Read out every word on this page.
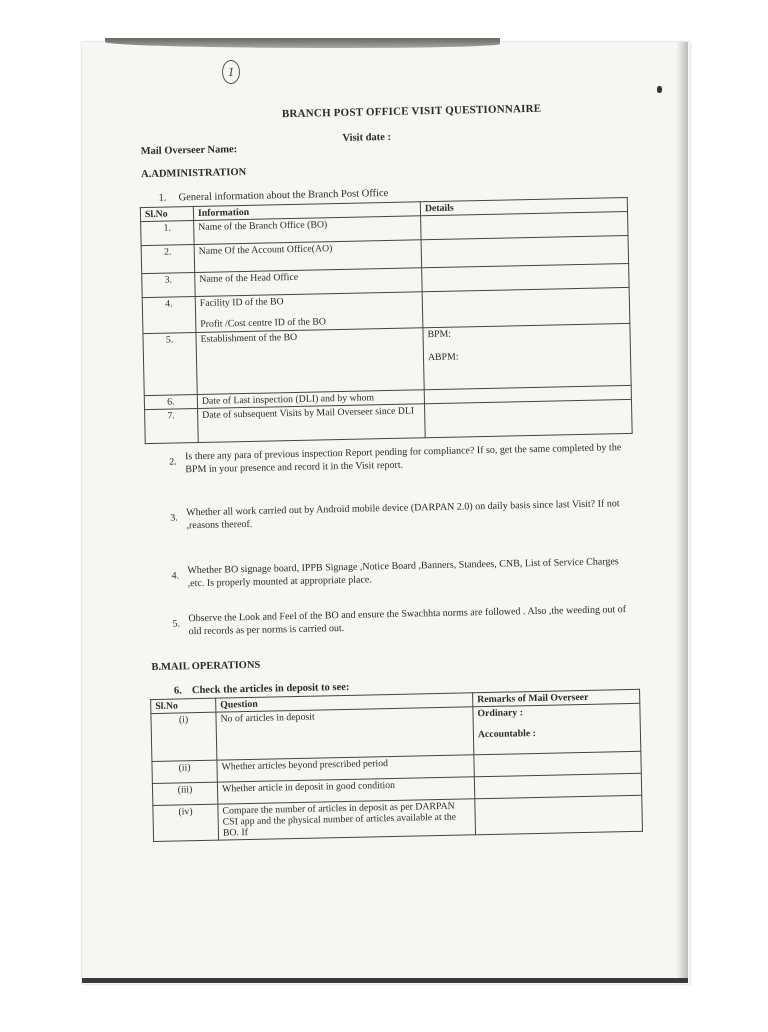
1
BRANCH POST OFFICE VISIT QUESTIONNAIRE
Visit date :
Mail Overseer Name:
A.ADMINISTRATION
1. General information about the Branch Post Office
Sl.No	Information	Details
1.	Name of the Branch Office (BO)	
2.	Name Of the Account Office(AO)	
3.	Name of the Head Office	
4.	Facility ID of the BO
Profit /Cost centre ID of the BO	

5.	Establishment of the BO	BPM:
ABPM:

6.	Date of Last inspection (DLI) and by whom	
7.	Date of subsequent Visits by Mail Overseer since DLI	
2. Is there any para of previous inspection Report pending for compliance? If so, get the same completed by the BPM in your presence and record it in the Visit report.
3. Whether all work carried out by Android mobile device (DARPAN 2.0) on daily basis since last Visit? If not ,reasons thereof.
4. Whether BO signage board, IPPB Signage ,Notice Board ,Banners, Standees, CNB, List of Service Charges ,etc. Is properly mounted at appropriate place.
5. Observe the Look and Feel of the BO and ensure the Swachhta norms are followed . Also ,the weeding out of old records as per norms is carried out.
B.MAIL OPERATIONS
6. Check the articles in deposit to see:
Sl.No	Question	Remarks of Mail Overseer
(i)	No of articles in deposit	Ordinary :
Accountable :

(ii)	Whether articles beyond prescribed period	
(iii)	Whether article in deposit in good condition	
(iv)	Compare the number of articles in deposit as per DARPAN CSI app and the physical number of articles available at the BO. If	
